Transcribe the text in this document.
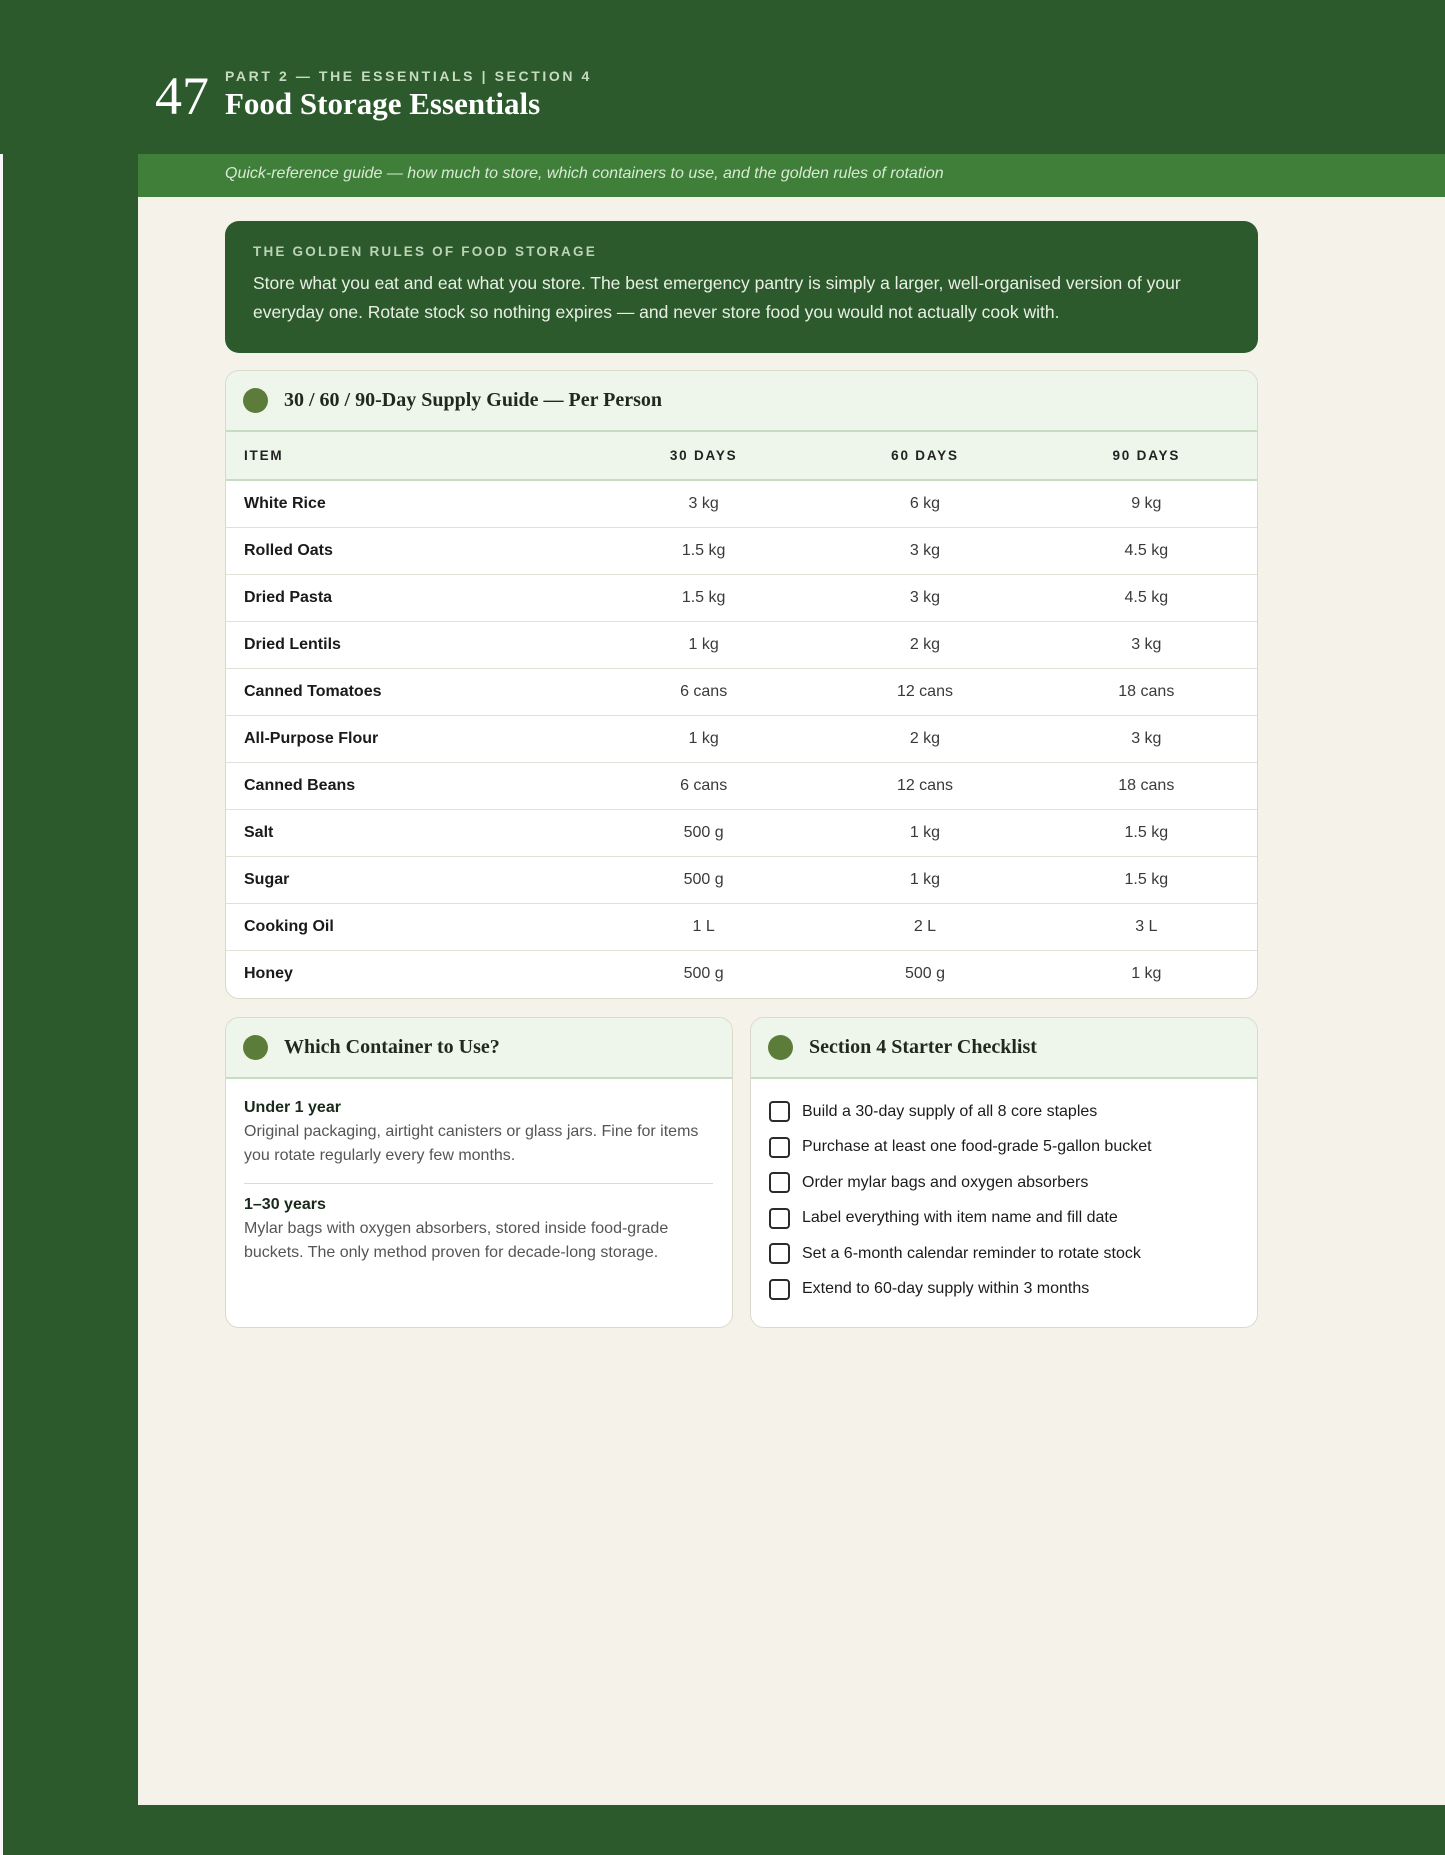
47 PART 2 — THE ESSENTIALS | SECTION 4
Food Storage Essentials
Quick-reference guide — how much to store, which containers to use, and the golden rules of rotation
THE GOLDEN RULES OF FOOD STORAGE

Store what you eat and eat what you store. The best emergency pantry is simply a larger, well-organised version of your everyday one. Rotate stock so nothing expires — and never store food you would not actually cook with.

30 / 60 / 90-Day Supply Guide — Per Person
ITEM	30 DAYS	60 DAYS	90 DAYS
White Rice	3 kg	6 kg	9 kg
Rolled Oats	1.5 kg	3 kg	4.5 kg
Dried Pasta	1.5 kg	3 kg	4.5 kg
Dried Lentils	1 kg	2 kg	3 kg
Canned Tomatoes	6 cans	12 cans	18 cans
All-Purpose Flour	1 kg	2 kg	3 kg
Canned Beans	6 cans	12 cans	18 cans
Salt	500 g	1 kg	1.5 kg
Sugar	500 g	1 kg	1.5 kg
Cooking Oil	1 L	2 L	3 L
Honey	500 g	500 g	1 kg
Which Container to Use?
Under 1 year
Original packaging, airtight canisters or glass jars. Fine for items you rotate regularly every few months.
1–30 years
Mylar bags with oxygen absorbers, stored inside food-grade buckets. The only method proven for decade-long storage.
Section 4 Starter Checklist
Build a 30-day supply of all 8 core staples
Purchase at least one food-grade 5-gallon bucket
Order mylar bags and oxygen absorbers
Label everything with item name and fill date
Set a 6-month calendar reminder to rotate stock
Extend to 60-day supply within 3 months
